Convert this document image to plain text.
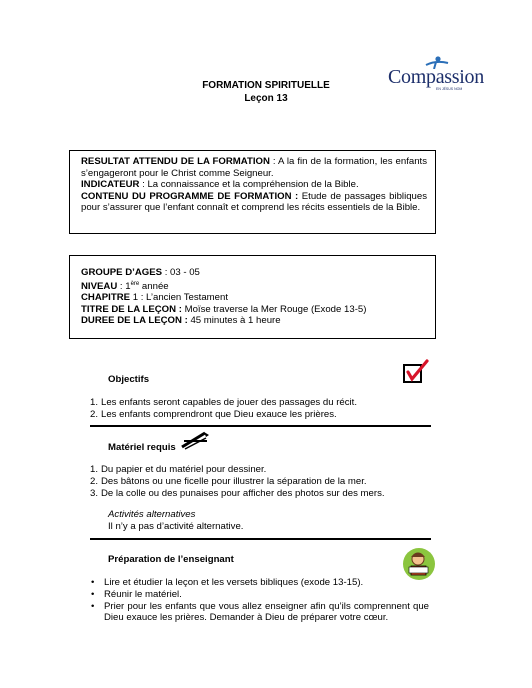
FORMATION SPIRITUELLE
Leçon 13
Compassion
EN JÉSUS NOM
RESULTAT ATTENDU DE LA FORMATION : A la fin de la formation, les enfants s’engageront pour le Christ comme Seigneur.
INDICATEUR : La connaissance et la compréhension de la Bible.
CONTENU DU PROGRAMME DE FORMATION : Etude de passages bibliques pour s’assurer que l’enfant connaît et comprend les récits essentiels de la Bible.
GROUPE D’AGES : 03 - 05
NIVEAU : 1ère année
CHAPITRE 1 : L’ancien Testament
TITRE DE LA LEÇON : Moïse traverse la Mer Rouge (Exode 13-5)
DUREE DE LA LEÇON : 45 minutes à 1 heure
Objectifs
1. Les enfants seront capables de jouer des passages du récit.
2. Les enfants comprendront que Dieu exauce les prières.
Matériel requis
1. Du papier et du matériel pour dessiner.
2. Des bâtons ou une ficelle pour illustrer la séparation de la mer.
3. De la colle ou des punaises pour afficher des photos sur des mers.
Activités alternatives
Il n’y a pas d’activité alternative.
Préparation de l’enseignant
• Lire et étudier la leçon et les versets bibliques (exode 13-15).
• Réunir le matériel.
• Prier pour les enfants que vous allez enseigner afin qu’ils comprennent que Dieu exauce les prières. Demander à Dieu de préparer votre cœur.
